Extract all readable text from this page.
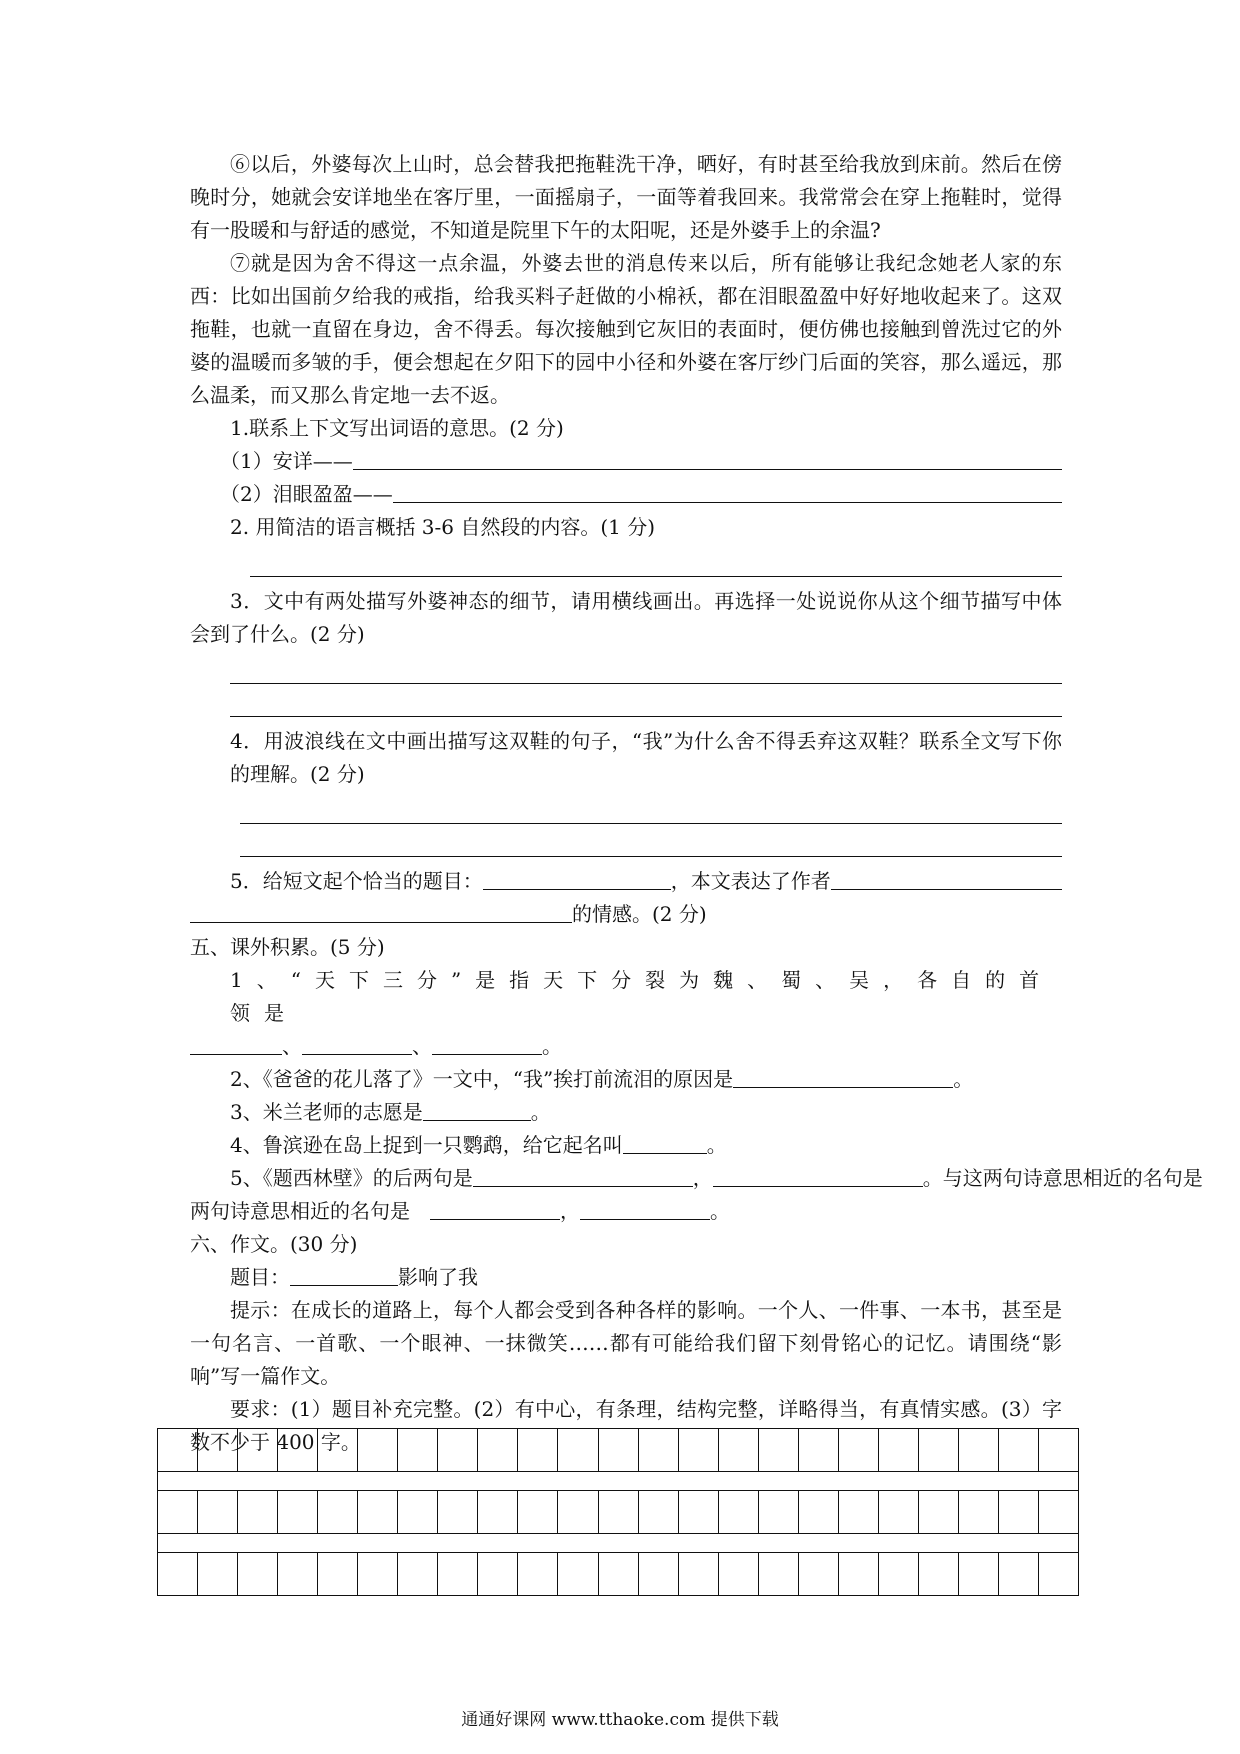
⑥以后，外婆每次上山时，总会替我把拖鞋洗干净，晒好，有时甚至给我放到床前。然后在傍晚时分，她就会安详地坐在客厅里，一面摇扇子，一面等着我回来。我常常会在穿上拖鞋时，觉得有一股暖和与舒适的感觉，不知道是院里下午的太阳呢，还是外婆手上的余温?

⑦就是因为舍不得这一点余温，外婆去世的消息传来以后，所有能够让我纪念她老人家的东西：比如出国前夕给我的戒指，给我买料子赶做的小棉袄，都在泪眼盈盈中好好地收起来了。这双拖鞋，也就一直留在身边，舍不得丢。每次接触到它灰旧的表面时，便仿佛也接触到曾洗过它的外婆的温暖而多皱的手，便会想起在夕阳下的园中小径和外婆在客厅纱门后面的笑容，那么遥远，那么温柔，而又那么肯定地一去不返。

1.联系上下文写出词语的意思。(2 分)

（1）安详——
（2）泪眼盈盈——

2. 用简洁的语言概括 3-6 自然段的内容。(1 分)

3．文中有两处描写外婆神态的细节，请用横线画出。再选择一处说说你从这个细节描写中体会到了什么。(2 分)

4．用波浪线在文中画出描写这双鞋的句子，“我”为什么舍不得丢弃这双鞋？联系全文写下你的理解。(2 分)

5．给短文起个恰当的题目：	，本文表达了作者
的情感。(2 分)

五、课外积累。(5 分)

1、“天下三分”是指天下分裂为魏、蜀、吴，各自的首领是
、	、	。
2、《爸爸的花儿落了》一文中，“我”挨打前流泪的原因是	。
3、米兰老师的志愿是	。
4、鲁滨逊在岛上捉到一只鹦鹉，给它起名叫	。
5、《题西林壁》的后两句是	，	。与这两句诗意思相近的名句是
两句诗意思相近的名句是	，	。

六、作文。(30 分)

题目：	影响了我

提示：在成长的道路上，每个人都会受到各种各样的影响。一个人、一件事、一本书，甚至是一句名言、一首歌、一个眼神、一抹微笑……都有可能给我们留下刻骨铭心的记忆。请围绕“影响”写一篇作文。

要求：(1）题目补充完整。(2）有中心，有条理，结构完整，详略得当，有真情实感。(3）字数不少于 400 字。

通通好课网 www.tthaoke.com 提供下载
